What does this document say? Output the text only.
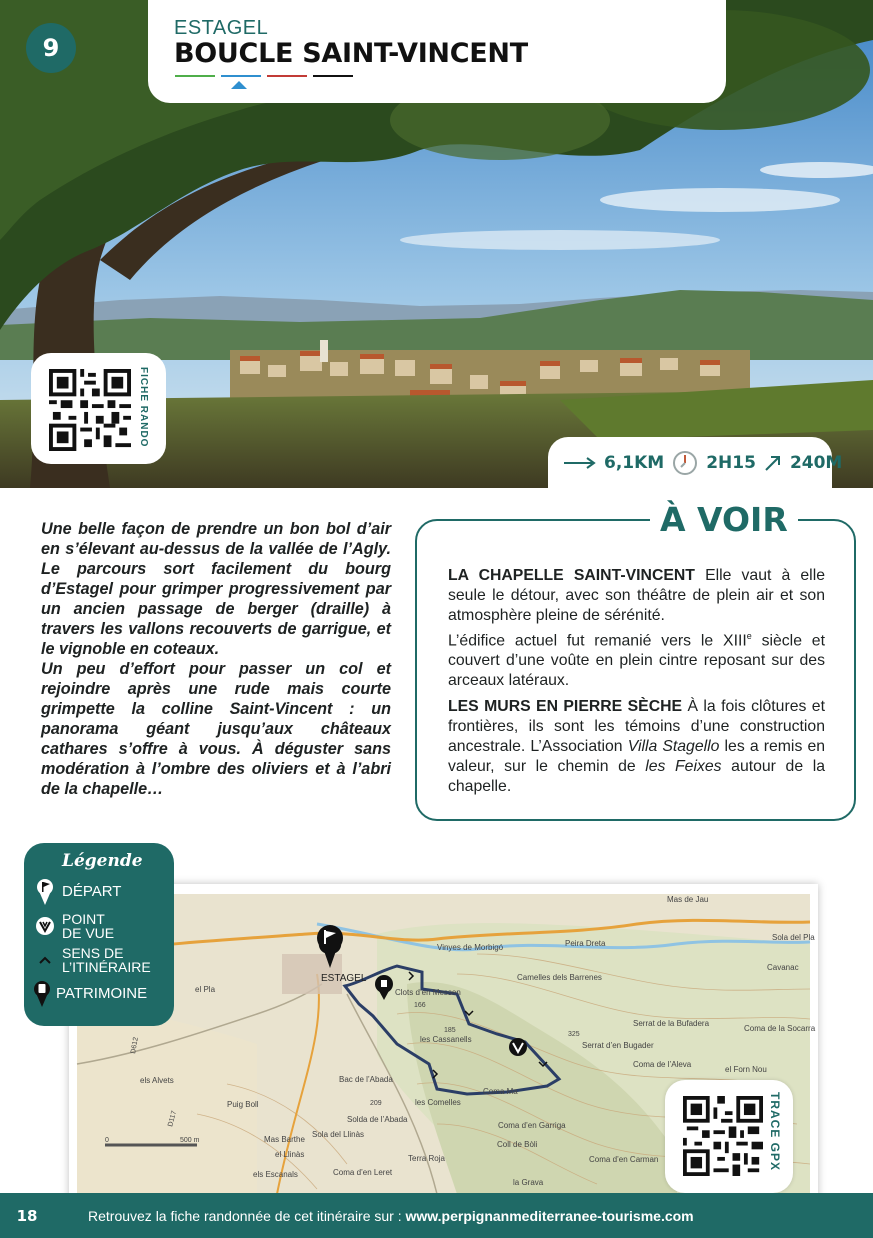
9
ESTAGEL
BOUCLE SAINT-VINCENT
FICHE RANDO
6,1KM 2H15 240M

Une belle façon de prendre un bon bol d’air en s’élevant au-dessus de la vallée de l’Agly. Le parcours sort facilement du bourg d’Estagel pour grimper progressivement par un ancien passage de berger (draille) à travers les vallons recouverts de garrigue, et le vignoble en coteaux.

Un peu d’effort pour passer un col et rejoindre après une rude mais courte grimpette la colline Saint-Vincent : un panorama géant jusqu’aux châteaux cathares s’offre à vous. À déguster sans modération à l’ombre des oliviers et à l’abri de la chapelle…

À VOIR

LA CHAPELLE SAINT-VINCENT Elle vaut à elle seule le détour, avec son théâtre de plein air et son atmosphère pleine de sérénité.
L’édifice actuel fut remanié vers le XIIIe siècle et couvert d’une voûte en plein cintre reposant sur des arceaux latéraux.

LES MURS EN PIERRE SÈCHE À la fois clôtures et frontières, ils sont les témoins d’une construction ancestrale. L’Association Villa Stagello les a remis en valeur, sur le chemin de les Feixes autour de la chapelle.

Mas de Jau
ESTAGEL
Vinyes de Morbigó	Peira Dreta
Cavanac
Sola del Pla
Camelles dels Barrenes
Serrat de la Bufadera
Coma de la Socarra
Serrat d’en Bugader
Coma de l’Aleva
el Forn Nou
el Pla	Clots d’en Messen
les Cassanells
Coma Ma
les Comelles
Bac de l’Abada
Puig Boll
els Alvets
Solda de l’Abada
Mas Barthe
Sola del Llinàs
el Llinàs
els Escanals
Terra Roja
Coma d’en Garriga
Coll de Bòli
Coma d’en Carman
la Grava
Coma d’en Leret
500 m
0
325
185
166
209
D612
D117	TRACE GPX
Légende
DÉPART
POINT
DE VUE
SENS DE
L’ITINÉRAIRE
PATRIMOINE
18	Retrouvez la fiche randonnée de cet itinéraire sur : www.perpignanmediterranee-tourisme.com
